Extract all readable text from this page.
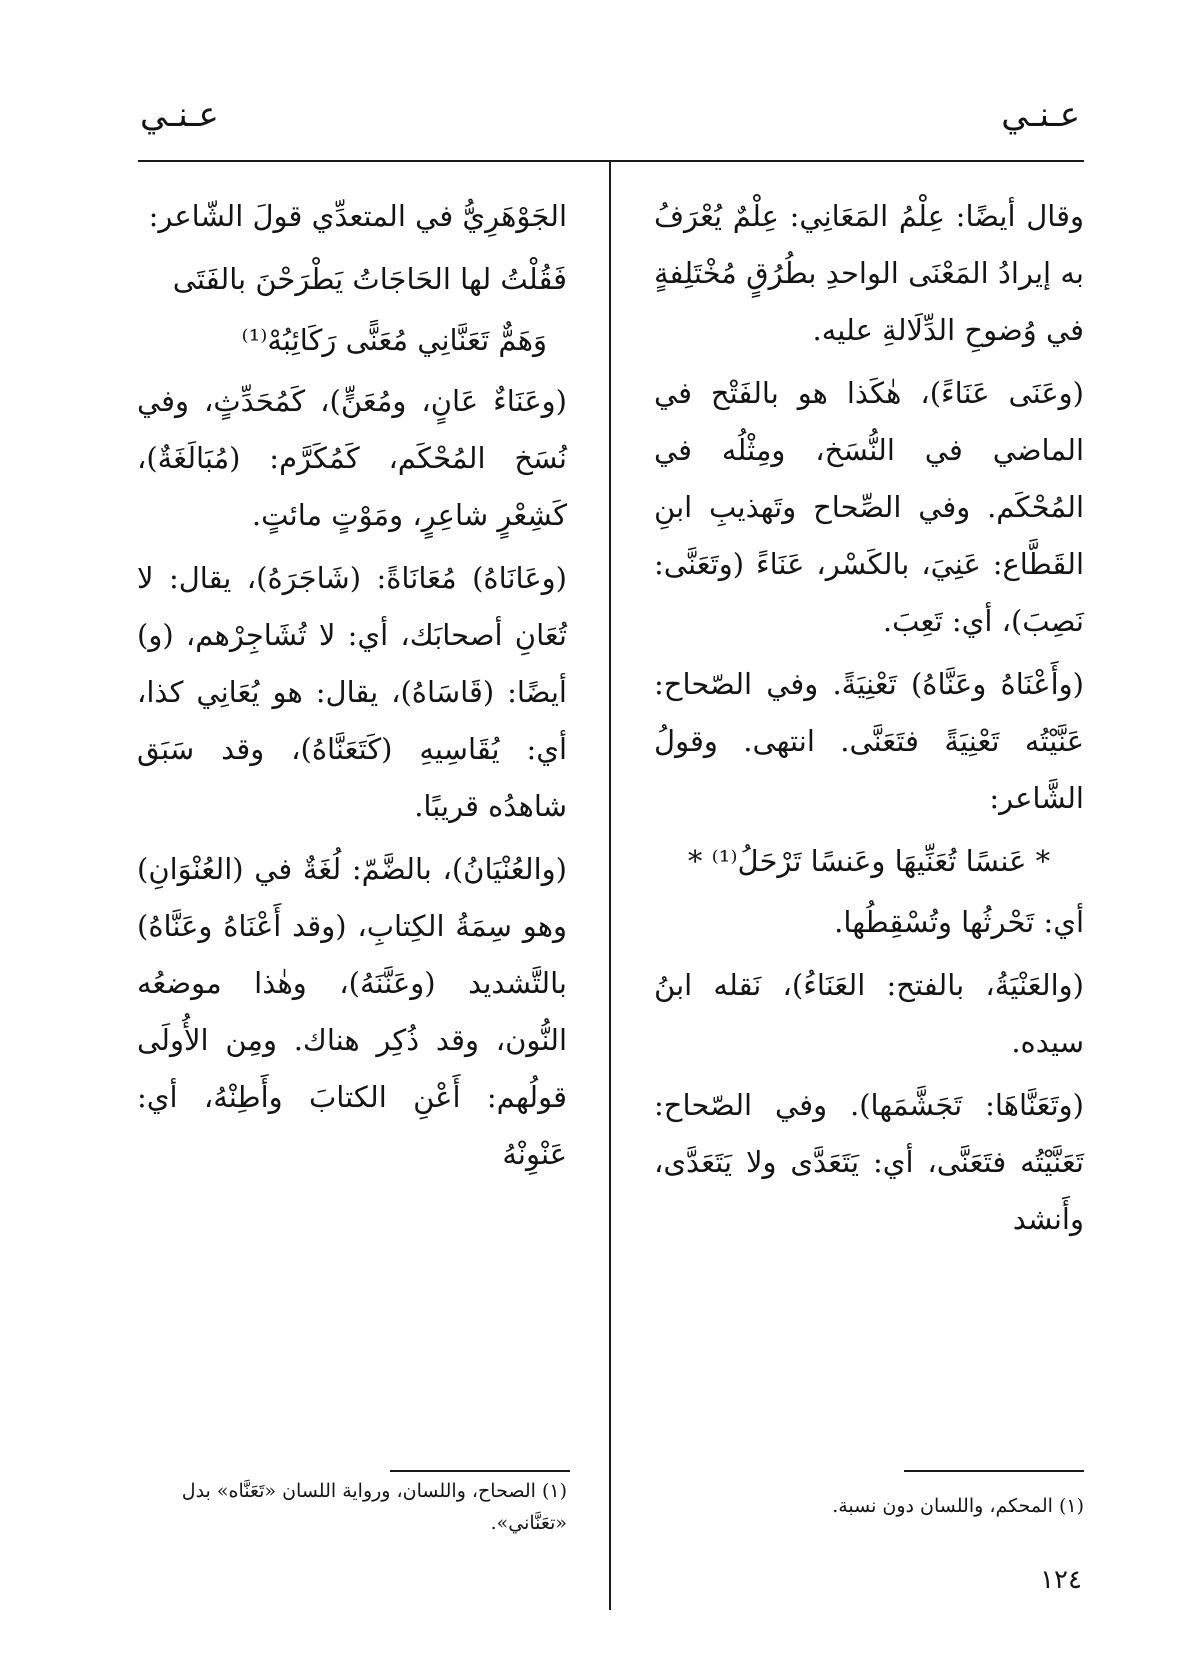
عـنـي
عـنـي

وقال أيضًا: عِلْمُ المَعَانِي: عِلْمٌ يُعْرَفُ به إيرادُ المَعْنَى الواحدِ بطُرُقٍ مُخْتَلِفةٍ في وُضوحِ الدِّلَالةِ عليه.

(وعَنَى عَنَاءً)، هٰكَذا هو بالفَتْح في الماضي في النُّسَخ، ومِثْلُه في المُحْكَم. وفي الصِّحاح وتَهذيبِ ابنِ القَطَّاع: عَنِيَ، بالكَسْر، عَنَاءً (وتَعَنَّى: نَصِبَ)، أي: تَعِبَ.

(وأَعْنَاهُ وعَنَّاهُ) تَعْنِيَةً. وفي الصّحاح: عَنَّيْتُه تَعْنِيَةً فتَعَنَّى. انتهى. وقولُ الشَّاعر:

* عَنسًا تُعَنِّيهَا وعَنسًا تَرْحَلُ⁽¹⁾ *

أي: تَحْرثُها وتُسْقِطُها.

(والعَنْيَةُ، بالفتح: العَنَاءُ)، نَقله ابنُ سيده.

(وتَعَنَّاهَا: تَجَشَّمَها). وفي الصّحاح: تَعَنَّيْتُه فتَعَنَّى، أي: يَتَعَدَّى ولا يَتَعَدَّى، وأَنشد

الجَوْهَرِيُّ في المتعدِّي قولَ الشّاعر:

فَقُلْتُ لها الحَاجَاتُ يَطْرَحْنَ بالفَتَى

وَهَمٌّ تَعَنَّانِي مُعَنًّى رَكَائِبُهْ⁽¹⁾

(وعَنَاءٌ عَانٍ، ومُعَنٍّ)، كَمُحَدِّثٍ، وفي نُسَخ المُحْكَم، كَمُكَرَّم: (مُبَالَغَةٌ)، كَشِعْرٍ شاعِرٍ، ومَوْتٍ مائتٍ.

(وعَانَاهُ) مُعَانَاةً: (شَاجَرَهُ)، يقال: لا تُعَانِ أصحابَك، أي: لا تُشَاجِرْهم، (و) أيضًا: (قَاسَاهُ)، يقال: هو يُعَانِي كذا، أي: يُقَاسِيهِ (كَتَعَنَّاهُ)، وقد سَبَق شاهدُه قريبًا.

(والعُنْيَانُ)، بالضَّمّ: لُغَةٌ في (العُنْوَانِ) وهو سِمَةُ الكِتابِ، (وقد أَعْنَاهُ وعَنَّاهُ) بالتَّشديد (وعَنَّنَهُ)، وهٰذا موضعُه النُّون، وقد ذُكِر هناك. ومِن الأُولَى قولُهم: أَعْنِ الكتابَ وأَطِنْهُ، أي: عَنْوِنْهُ

(١) المحكم، واللسان دون نسبة.
(١) الصحاح، واللسان، ورواية اللسان «تَعَنَّاه» بدل «تعَنَّاني».
١٢٤
